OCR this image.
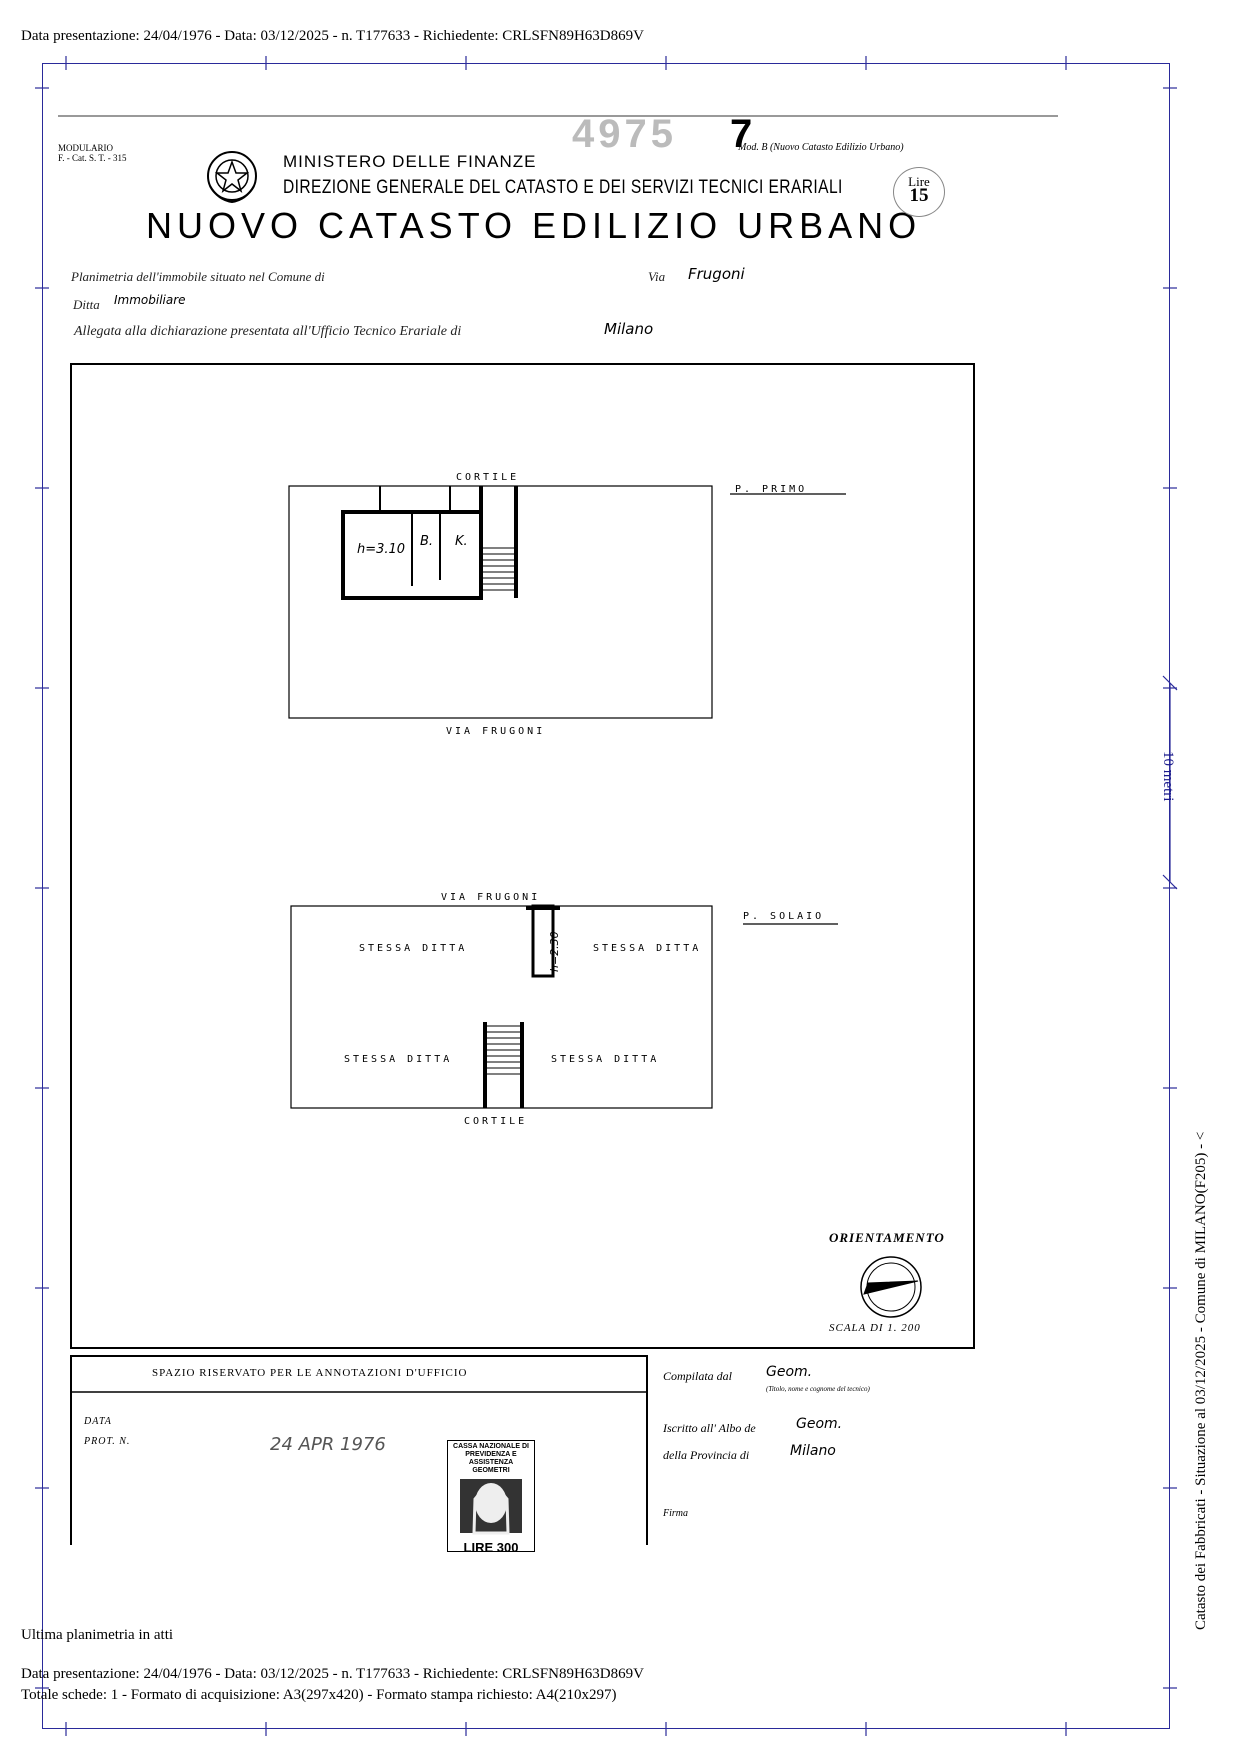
Data presentazione: 24/04/1976 - Data: 03/12/2025 - n. T177633 - Richiedente: CRLSFN89H63D869V
10 metri
Catasto dei Fabbricati - Situazione al 03/12/2025 - Comune di MILANO(F205) - <
MODULARIO
F. - Cat. S. T. - 315
4975 7
Mod. B (Nuovo Catasto Edilizio Urbano)
MINISTERO DELLE FINANZE
DIREZIONE GENERALE DEL CATASTO E DEI SERVIZI TECNICI ERARIALI
NUOVO CATASTO EDILIZIO URBANO
Lire
15
Planimetria dell'immobile situato nel Comune di	Via Frugoni
Ditta Immobiliare
Allegata alla dichiarazione presentata all'Ufficio Tecnico Erariale di	Milano
CORTILE
P. PRIMO
h=3.10
B. K.
VIA FRUGONI
VIA FRUGONI
P. SOLAIO
STESSA DITTA	STESSA DITTA
STESSA DITTA	STESSA DITTA
h=2.30
CORTILE
ORIENTAMENTO
SCALA DI 1. 200
SPAZIO RISERVATO PER LE ANNOTAZIONI D'UFFICIO
DATA
PROT. N.	24 APR 1976	CASSA NAZIONALE DI PREVIDENZA E ASSISTENZA GEOMETRI
LIRE 300
Compilata dal Geom.
(Titolo, nome e cognome del tecnico)
Iscritto all' Albo de	Geom.
della Provincia di	Milano
Firma
Ultima planimetria in atti
Data presentazione: 24/04/1976 - Data: 03/12/2025 - n. T177633 - Richiedente: CRLSFN89H63D869V
Totale schede: 1 - Formato di acquisizione: A3(297x420) - Formato stampa richiesto: A4(210x297)
